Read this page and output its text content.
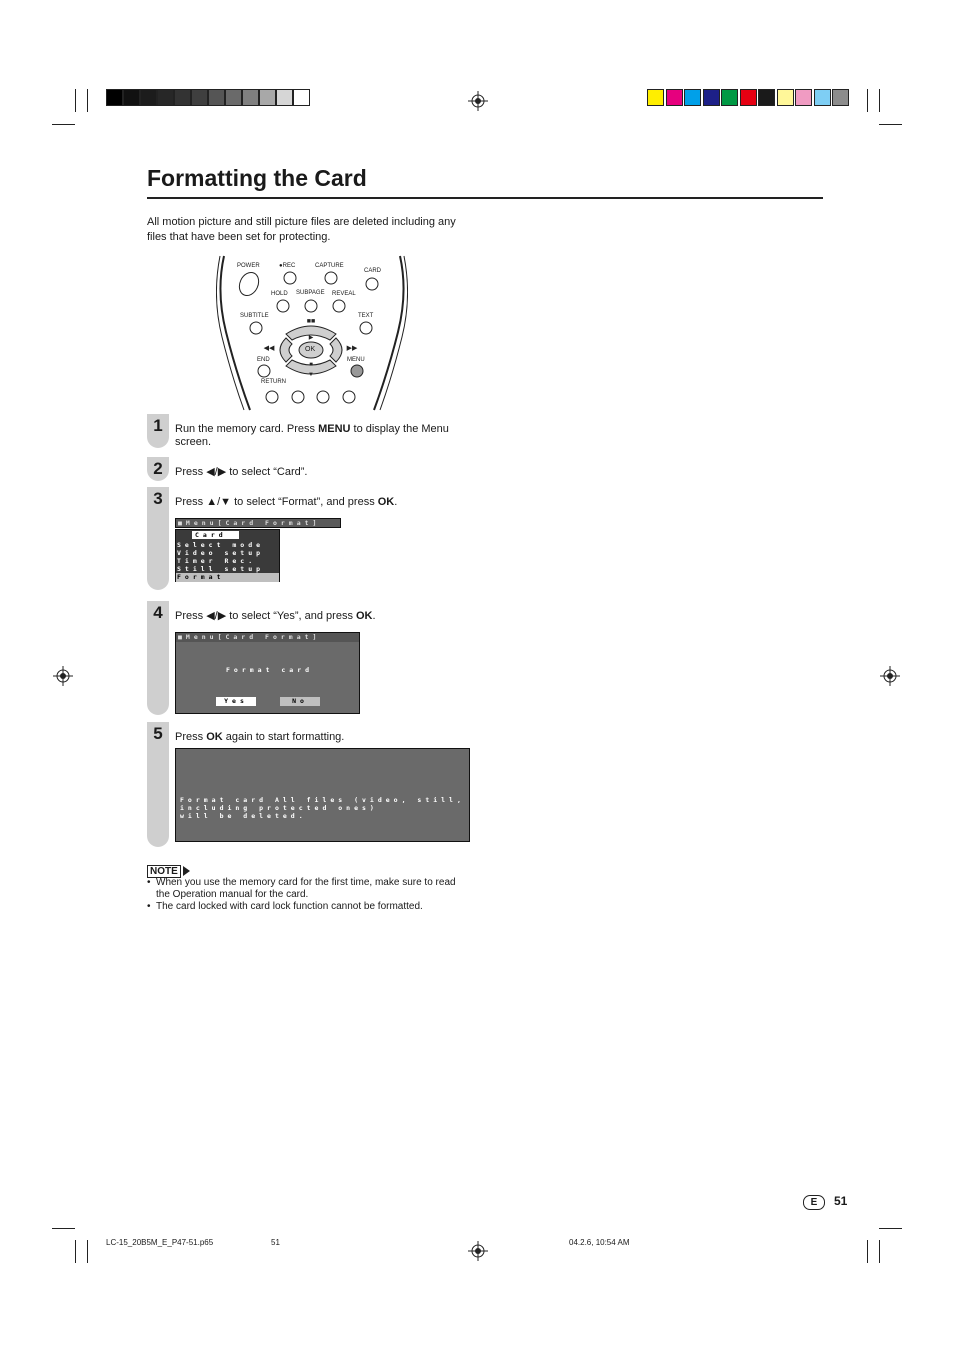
Formatting the Card
All motion picture and still picture files are deleted including any files that have been set for protecting.
■■
▶
■
▼
◀◀	▶▶
POWER	●REC	CAPTURE
CARD
HOLD SUBPAGE REVEAL
SUBTITLE	TEXT
OK
END	MENU
RETURN
1	Run the memory card. Press MENU to display the Menu screen.
2	Press ◀/▶ to select “Card”.
3	Press ▲/▼ to select “Format”, and press OK.
■Menu[Card Format]
Card
Select mode
Video setup
Timer Rec.
Still setup
Format
4	Press ◀/▶ to select “Yes”, and press OK.
■Menu[Card Format]
Format card
Yes	No
5	Press OK again to start formatting.
Format card All files (video, still,
including protected ones)
will be deleted.
NOTE
• When you use the memory card for the first time, make sure to read the Operation manual for the card.
• The card locked with card lock function cannot be formatted.
E	51
LC-15_20B5M_E_P47-51.p65	51	04.2.6, 10:54 AM
